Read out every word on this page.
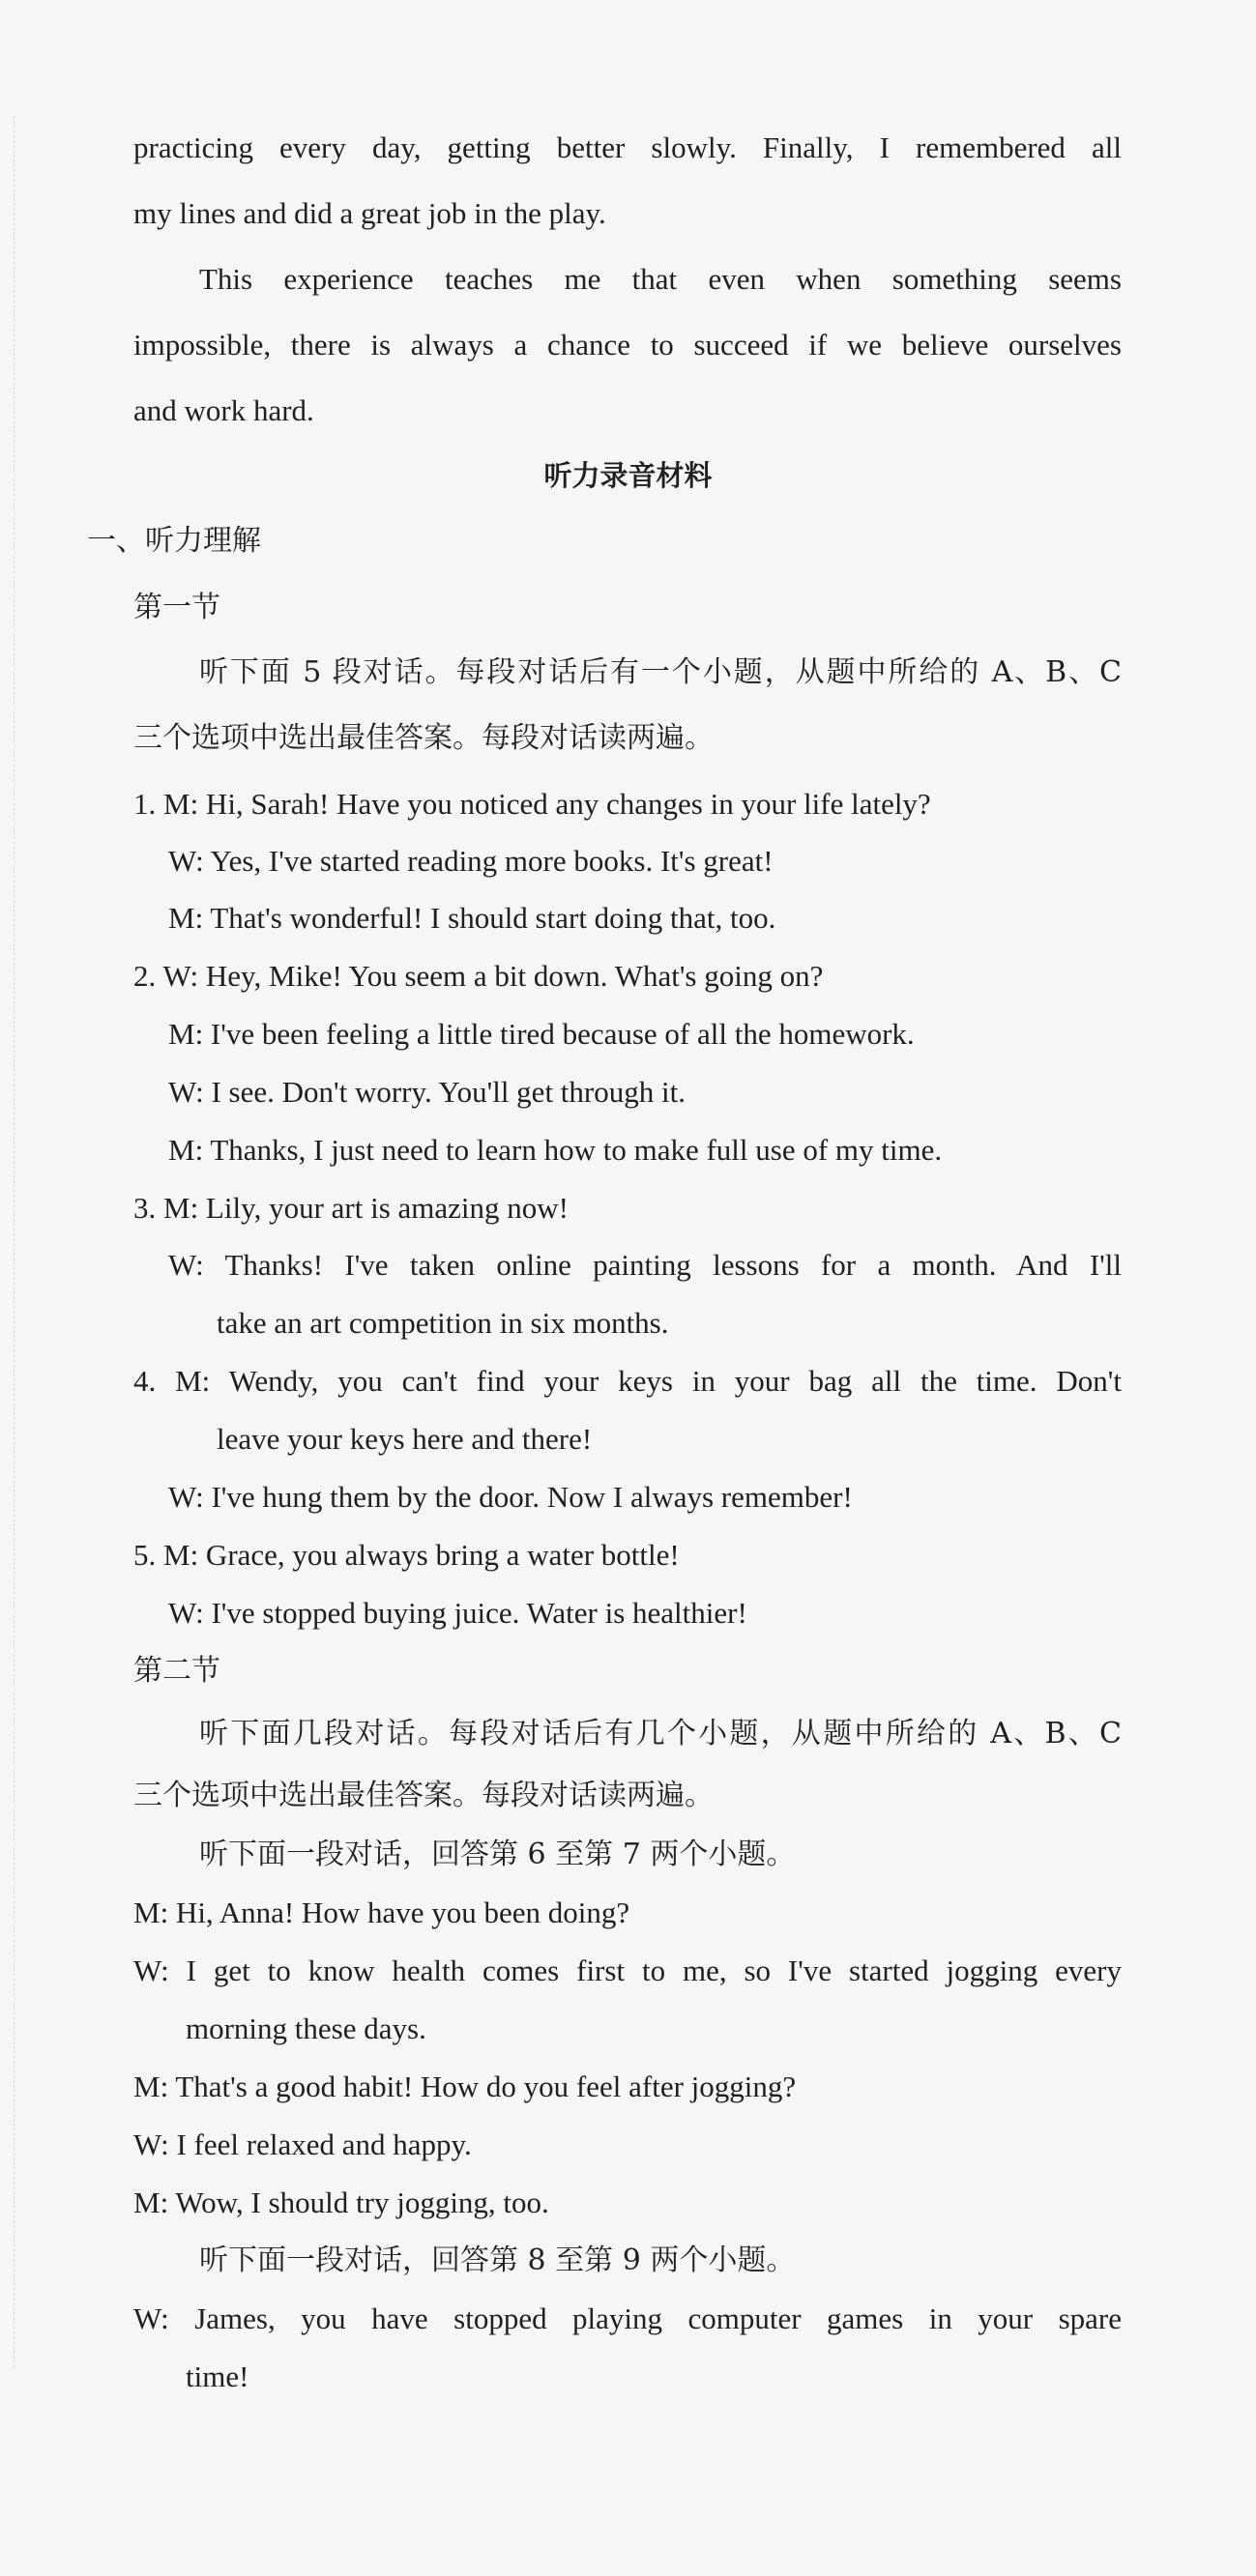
practicing every day, getting better slowly. Finally, I remembered all
my lines and did a great job in the play.
This experience teaches me that even when something seems
impossible, there is always a chance to succeed if we believe ourselves
and work hard.
听力录音材料
一、听力理解
第一节
听下面 5 段对话。每段对话后有一个小题，从题中所给的 A、B、C
三个选项中选出最佳答案。每段对话读两遍。
1. M: Hi, Sarah! Have you noticed any changes in your life lately?
W: Yes, I've started reading more books. It's great!
M: That's wonderful! I should start doing that, too.
2. W: Hey, Mike! You seem a bit down. What's going on?
M: I've been feeling a little tired because of all the homework.
W: I see. Don't worry. You'll get through it.
M: Thanks, I just need to learn how to make full use of my time.
3. M: Lily, your art is amazing now!
W: Thanks! I've taken online painting lessons for a month. And I'll
take an art competition in six months.
4. M: Wendy, you can't find your keys in your bag all the time. Don't
leave your keys here and there!
W: I've hung them by the door. Now I always remember!
5. M: Grace, you always bring a water bottle!
W: I've stopped buying juice. Water is healthier!
第二节
听下面几段对话。每段对话后有几个小题，从题中所给的 A、B、C
三个选项中选出最佳答案。每段对话读两遍。
听下面一段对话，回答第 6 至第 7 两个小题。
M: Hi, Anna! How have you been doing?
W: I get to know health comes first to me, so I've started jogging every
morning these days.
M: That's a good habit! How do you feel after jogging?
W: I feel relaxed and happy.
M: Wow, I should try jogging, too.
听下面一段对话，回答第 8 至第 9 两个小题。
W: James, you have stopped playing computer games in your spare
time!
